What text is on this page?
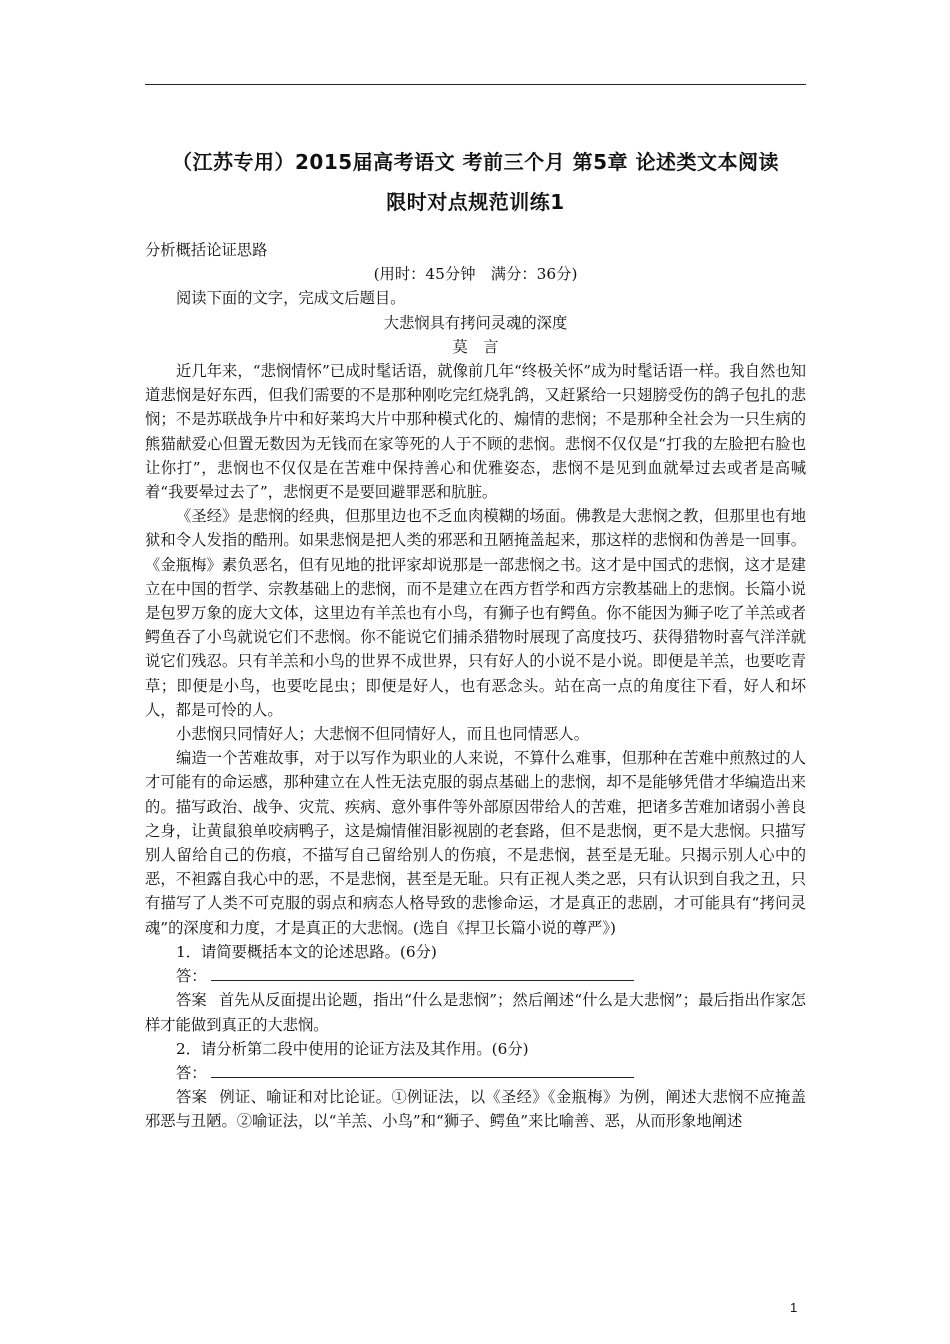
（江苏专用）2015届高考语文 考前三个月 第5章 论述类文本阅读
限时对点规范训练1

分析概括论证思路

(用时：45分钟　满分：36分)

阅读下面的文字，完成文后题目。

大悲悯具有拷问灵魂的深度

莫　言

近几年来，“悲悯情怀”已成时髦话语，就像前几年“终极关怀”成为时髦话语一样。我自然也知道悲悯是好东西，但我们需要的不是那种刚吃完红烧乳鸽，又赶紧给一只翅膀受伤的鸽子包扎的悲悯；不是苏联战争片中和好莱坞大片中那种模式化的、煽情的悲悯；不是那种全社会为一只生病的熊猫献爱心但置无数因为无钱而在家等死的人于不顾的悲悯。悲悯不仅仅是“打我的左脸把右脸也让你打”，悲悯也不仅仅是在苦难中保持善心和优雅姿态，悲悯不是见到血就晕过去或者是高喊着“我要晕过去了”，悲悯更不是要回避罪恶和肮脏。

《圣经》是悲悯的经典，但那里边也不乏血肉模糊的场面。佛教是大悲悯之教，但那里也有地狱和令人发指的酷刑。如果悲悯是把人类的邪恶和丑陋掩盖起来，那这样的悲悯和伪善是一回事。《金瓶梅》素负恶名，但有见地的批评家却说那是一部悲悯之书。这才是中国式的悲悯，这才是建立在中国的哲学、宗教基础上的悲悯，而不是建立在西方哲学和西方宗教基础上的悲悯。长篇小说是包罗万象的庞大文体，这里边有羊羔也有小鸟，有狮子也有鳄鱼。你不能因为狮子吃了羊羔或者鳄鱼吞了小鸟就说它们不悲悯。你不能说它们捕杀猎物时展现了高度技巧、获得猎物时喜气洋洋就说它们残忍。只有羊羔和小鸟的世界不成世界，只有好人的小说不是小说。即便是羊羔，也要吃青草；即便是小鸟，也要吃昆虫；即便是好人，也有恶念头。站在高一点的角度往下看，好人和坏人，都是可怜的人。

小悲悯只同情好人；大悲悯不但同情好人，而且也同情恶人。

编造一个苦难故事，对于以写作为职业的人来说，不算什么难事，但那种在苦难中煎熬过的人才可能有的命运感，那种建立在人性无法克服的弱点基础上的悲悯，却不是能够凭借才华编造出来的。描写政治、战争、灾荒、疾病、意外事件等外部原因带给人的苦难，把诸多苦难加诸弱小善良之身，让黄鼠狼单咬病鸭子，这是煽情催泪影视剧的老套路，但不是悲悯，更不是大悲悯。只描写别人留给自己的伤痕，不描写自己留给别人的伤痕，不是悲悯，甚至是无耻。只揭示别人心中的恶，不袒露自我心中的恶，不是悲悯，甚至是无耻。只有正视人类之恶，只有认识到自我之丑，只有描写了人类不可克服的弱点和病态人格导致的悲惨命运，才是真正的悲剧，才可能具有“拷问灵魂”的深度和力度，才是真正的大悲悯。(选自《捍卫长篇小说的尊严》)

1．请简要概括本文的论述思路。(6分)

答：

答案 首先从反面提出论题，指出“什么是悲悯”；然后阐述“什么是大悲悯”；最后指出作家怎样才能做到真正的大悲悯。

2．请分析第二段中使用的论证方法及其作用。(6分)

答：

答案 例证、喻证和对比论证。①例证法，以《圣经》《金瓶梅》为例，阐述大悲悯不应掩盖邪恶与丑陋。②喻证法，以“羊羔、小鸟”和“狮子、鳄鱼”来比喻善、恶，从而形象地阐述

1
